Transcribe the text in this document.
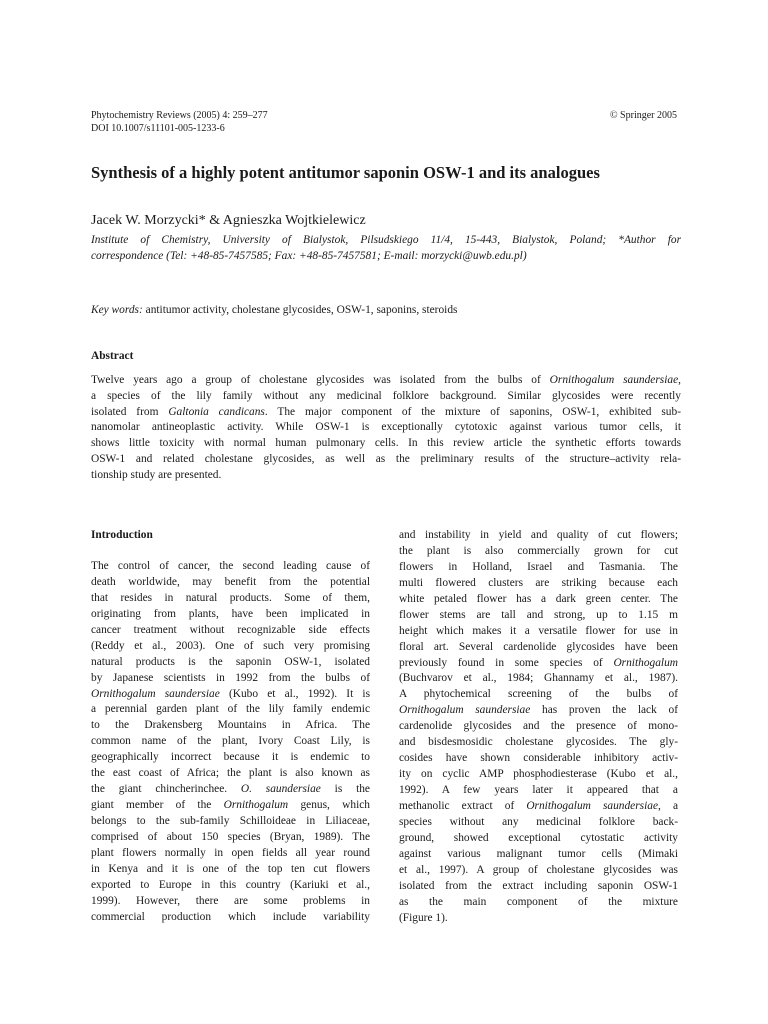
Phytochemistry Reviews (2005) 4: 259–277
DOI 10.1007/s11101-005-1233-6
© Springer 2005
Synthesis of a highly potent antitumor saponin OSW-1 and its analogues
Jacek W. Morzycki* & Agnieszka Wojtkielewicz
Institute of Chemistry, University of Bialystok, Pilsudskiego 11/4, 15-443, Bialystok, Poland; *Author for
correspondence (Tel: +48-85-7457585; Fax: +48-85-7457581; E-mail: morzycki@uwb.edu.pl)
Key words: antitumor activity, cholestane glycosides, OSW-1, saponins, steroids
Abstract
Twelve years ago a group of cholestane glycosides was isolated from the bulbs of Ornithogalum saundersiae,
a species of the lily family without any medicinal folklore background. Similar glycosides were recently
isolated from Galtonia candicans. The major component of the mixture of saponins, OSW-1, exhibited sub-
nanomolar antineoplastic activity. While OSW-1 is exceptionally cytotoxic against various tumor cells, it
shows little toxicity with normal human pulmonary cells. In this review article the synthetic efforts towards
OSW-1 and related cholestane glycosides, as well as the preliminary results of the structure–activity rela-
tionship study are presented.
Introduction
The control of cancer, the second leading cause of
death worldwide, may benefit from the potential
that resides in natural products. Some of them,
originating from plants, have been implicated in
cancer treatment without recognizable side effects
(Reddy et al., 2003). One of such very promising
natural products is the saponin OSW-1, isolated
by Japanese scientists in 1992 from the bulbs of
Ornithogalum saundersiae (Kubo et al., 1992). It is
a perennial garden plant of the lily family endemic
to the Drakensberg Mountains in Africa. The
common name of the plant, Ivory Coast Lily, is
geographically incorrect because it is endemic to
the east coast of Africa; the plant is also known as
the giant chincherinchee. O. saundersiae is the
giant member of the Ornithogalum genus, which
belongs to the sub-family Schilloideae in Liliaceae,
comprised of about 150 species (Bryan, 1989). The
plant flowers normally in open fields all year round
in Kenya and it is one of the top ten cut flowers
exported to Europe in this country (Kariuki et al.,
1999). However, there are some problems in
commercial production which include variability
and instability in yield and quality of cut flowers;
the plant is also commercially grown for cut
flowers in Holland, Israel and Tasmania. The
multi flowered clusters are striking because each
white petaled flower has a dark green center. The
flower stems are tall and strong, up to 1.15 m
height which makes it a versatile flower for use in
floral art. Several cardenolide glycosides have been
previously found in some species of Ornithogalum
(Buchvarov et al., 1984; Ghannamy et al., 1987).
A phytochemical screening of the bulbs of
Ornithogalum saundersiae has proven the lack of
cardenolide glycosides and the presence of mono-
and bisdesmosidic cholestane glycosides. The gly-
cosides have shown considerable inhibitory activ-
ity on cyclic AMP phosphodiesterase (Kubo et al.,
1992). A few years later it appeared that a
methanolic extract of Ornithogalum saundersiae, a
species without any medicinal folklore back-
ground, showed exceptional cytostatic activity
against various malignant tumor cells (Mimaki
et al., 1997). A group of cholestane glycosides was
isolated from the extract including saponin OSW-1
as the main component of the mixture
(Figure 1).
